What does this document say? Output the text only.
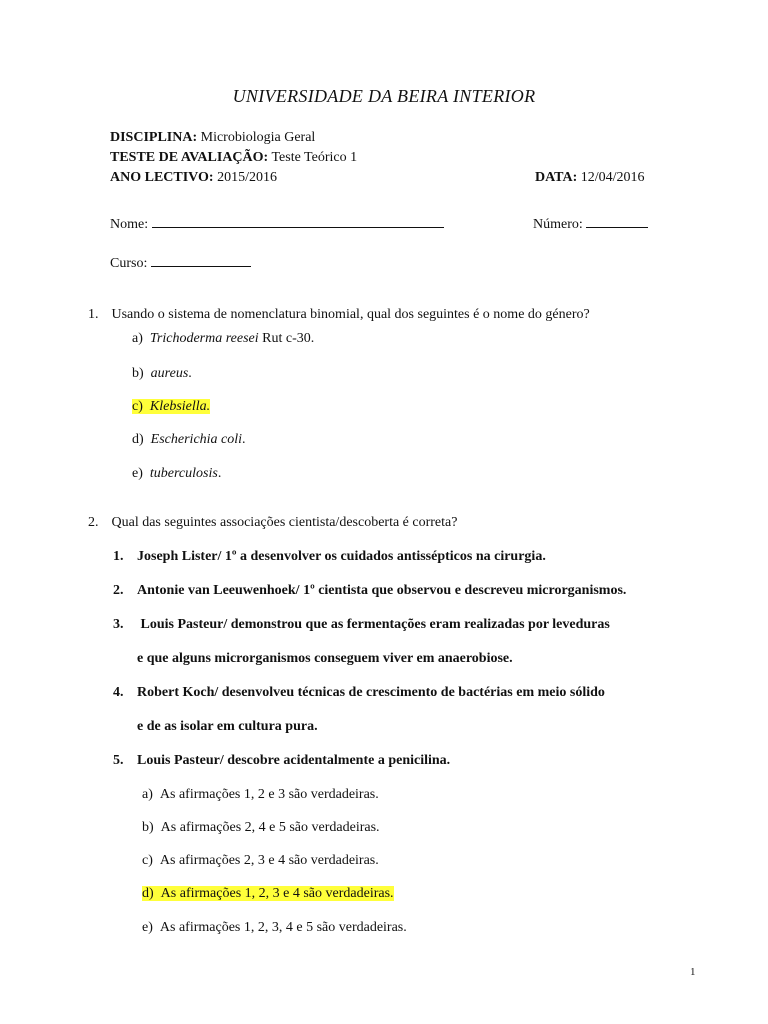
UNIVERSIDADE DA BEIRA INTERIOR
DISCIPLINA: Microbiologia Geral
TESTE DE AVALIAÇÃO: Teste Teórico 1
ANO LECTIVO: 2015/2016	DATA: 12/04/2016
Nome:	Número:
Curso:
1. Usando o sistema de nomenclatura binomial, qual dos seguintes é o nome do género?
a) Trichoderma reesei Rut c-30.
b) aureus.
c) Klebsiella.
d) Escherichia coli.
e) tuberculosis.
2. Qual das seguintes associações cientista/descoberta é correta?
1. Joseph Lister/ 1º a desenvolver os cuidados antissépticos na cirurgia.
2. Antonie van Leeuwenhoek/ 1º cientista que observou e descreveu microrganismos.
3. Louis Pasteur/ demonstrou que as fermentações eram realizadas por leveduras
e que alguns microrganismos conseguem viver em anaerobiose.
4. Robert Koch/ desenvolveu técnicas de crescimento de bactérias em meio sólido
e de as isolar em cultura pura.
5. Louis Pasteur/ descobre acidentalmente a penicilina.
a) As afirmações 1, 2 e 3 são verdadeiras.
b) As afirmações 2, 4 e 5 são verdadeiras.
c) As afirmações 2, 3 e 4 são verdadeiras.
d) As afirmações 1, 2, 3 e 4 são verdadeiras.
e) As afirmações 1, 2, 3, 4 e 5 são verdadeiras.
1
